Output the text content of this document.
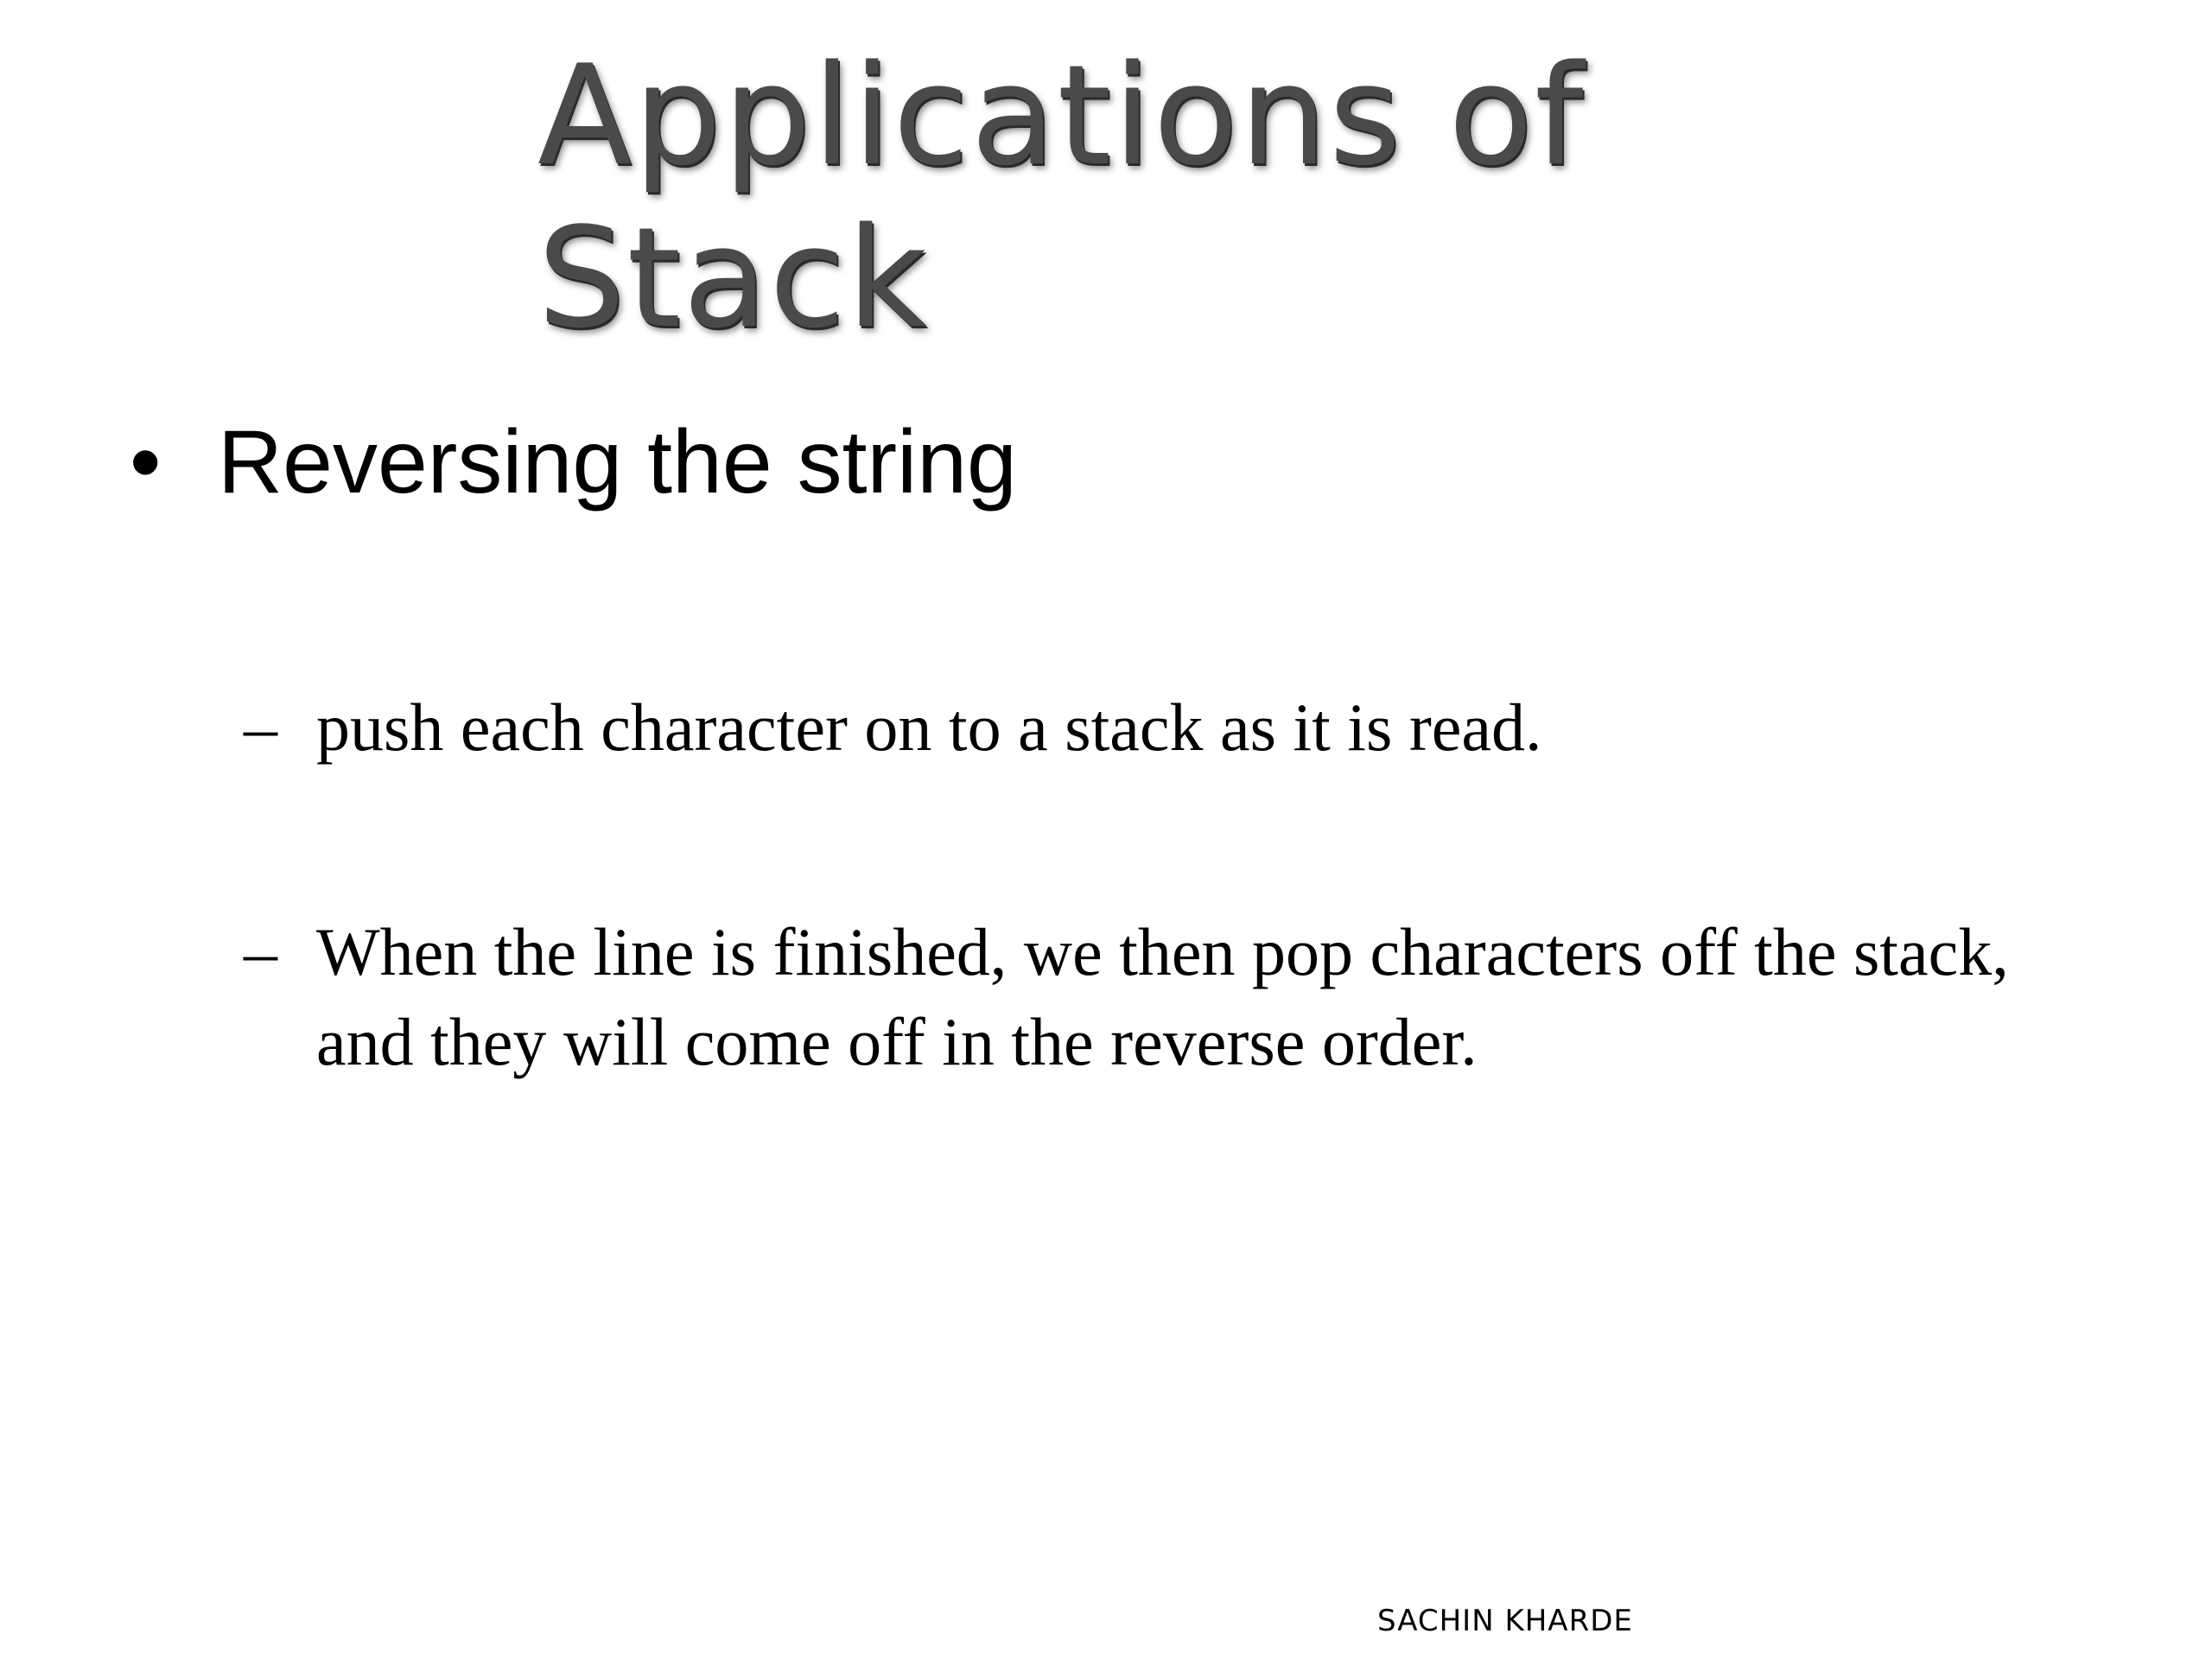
Applications of
Stack
• Reversing the string
– push each character on to a stack as it is read.
– When the line is finished, we then pop characters off the stack, and they will come off in the reverse order.
SACHIN KHARDE
